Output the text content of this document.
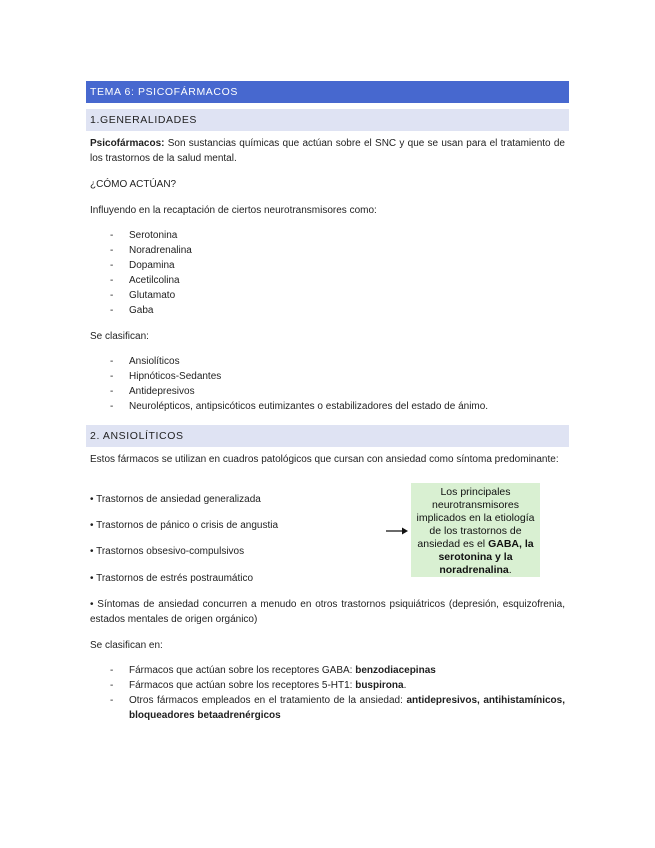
TEMA 6: PSICOFÁRMACOS
1.GENERALIDADES
Psicofármacos: Son sustancias químicas que actúan sobre el SNC y que se usan para el tratamiento de los trastornos de la salud mental.
¿CÓMO ACTÚAN?
Influyendo en la recaptación de ciertos neurotransmisores como:
- Serotonina
- Noradrenalina
- Dopamina
- Acetilcolina
- Glutamato
- Gaba
Se clasifican:
- Ansiolíticos
- Hipnóticos-Sedantes
- Antidepresivos
- Neurolépticos, antipsicóticos eutimizantes o estabilizadores del estado de ánimo.
2. ANSIOLÍTICOS
Estos fármacos se utilizan en cuadros patológicos que cursan con ansiedad como síntoma predominante:
• Trastornos de ansiedad generalizada
• Trastornos de pánico o crisis de angustia
• Trastornos obsesivo-compulsivos
• Trastornos de estrés postraumático
Los principales neurotransmisores implicados en la etiología de los trastornos de ansiedad es el GABA, la serotonina y la noradrenalina.
• Síntomas de ansiedad concurren a menudo en otros trastornos psiquiátricos (depresión, esquizofrenia, estados mentales de origen orgánico)
Se clasifican en:
- Fármacos que actúan sobre los receptores GABA: benzodiacepinas
- Fármacos que actúan sobre los receptores 5-HT1: buspirona.
- Otros fármacos empleados en el tratamiento de la ansiedad: antidepresivos, antihistamínicos, bloqueadores betaadrenérgicos
